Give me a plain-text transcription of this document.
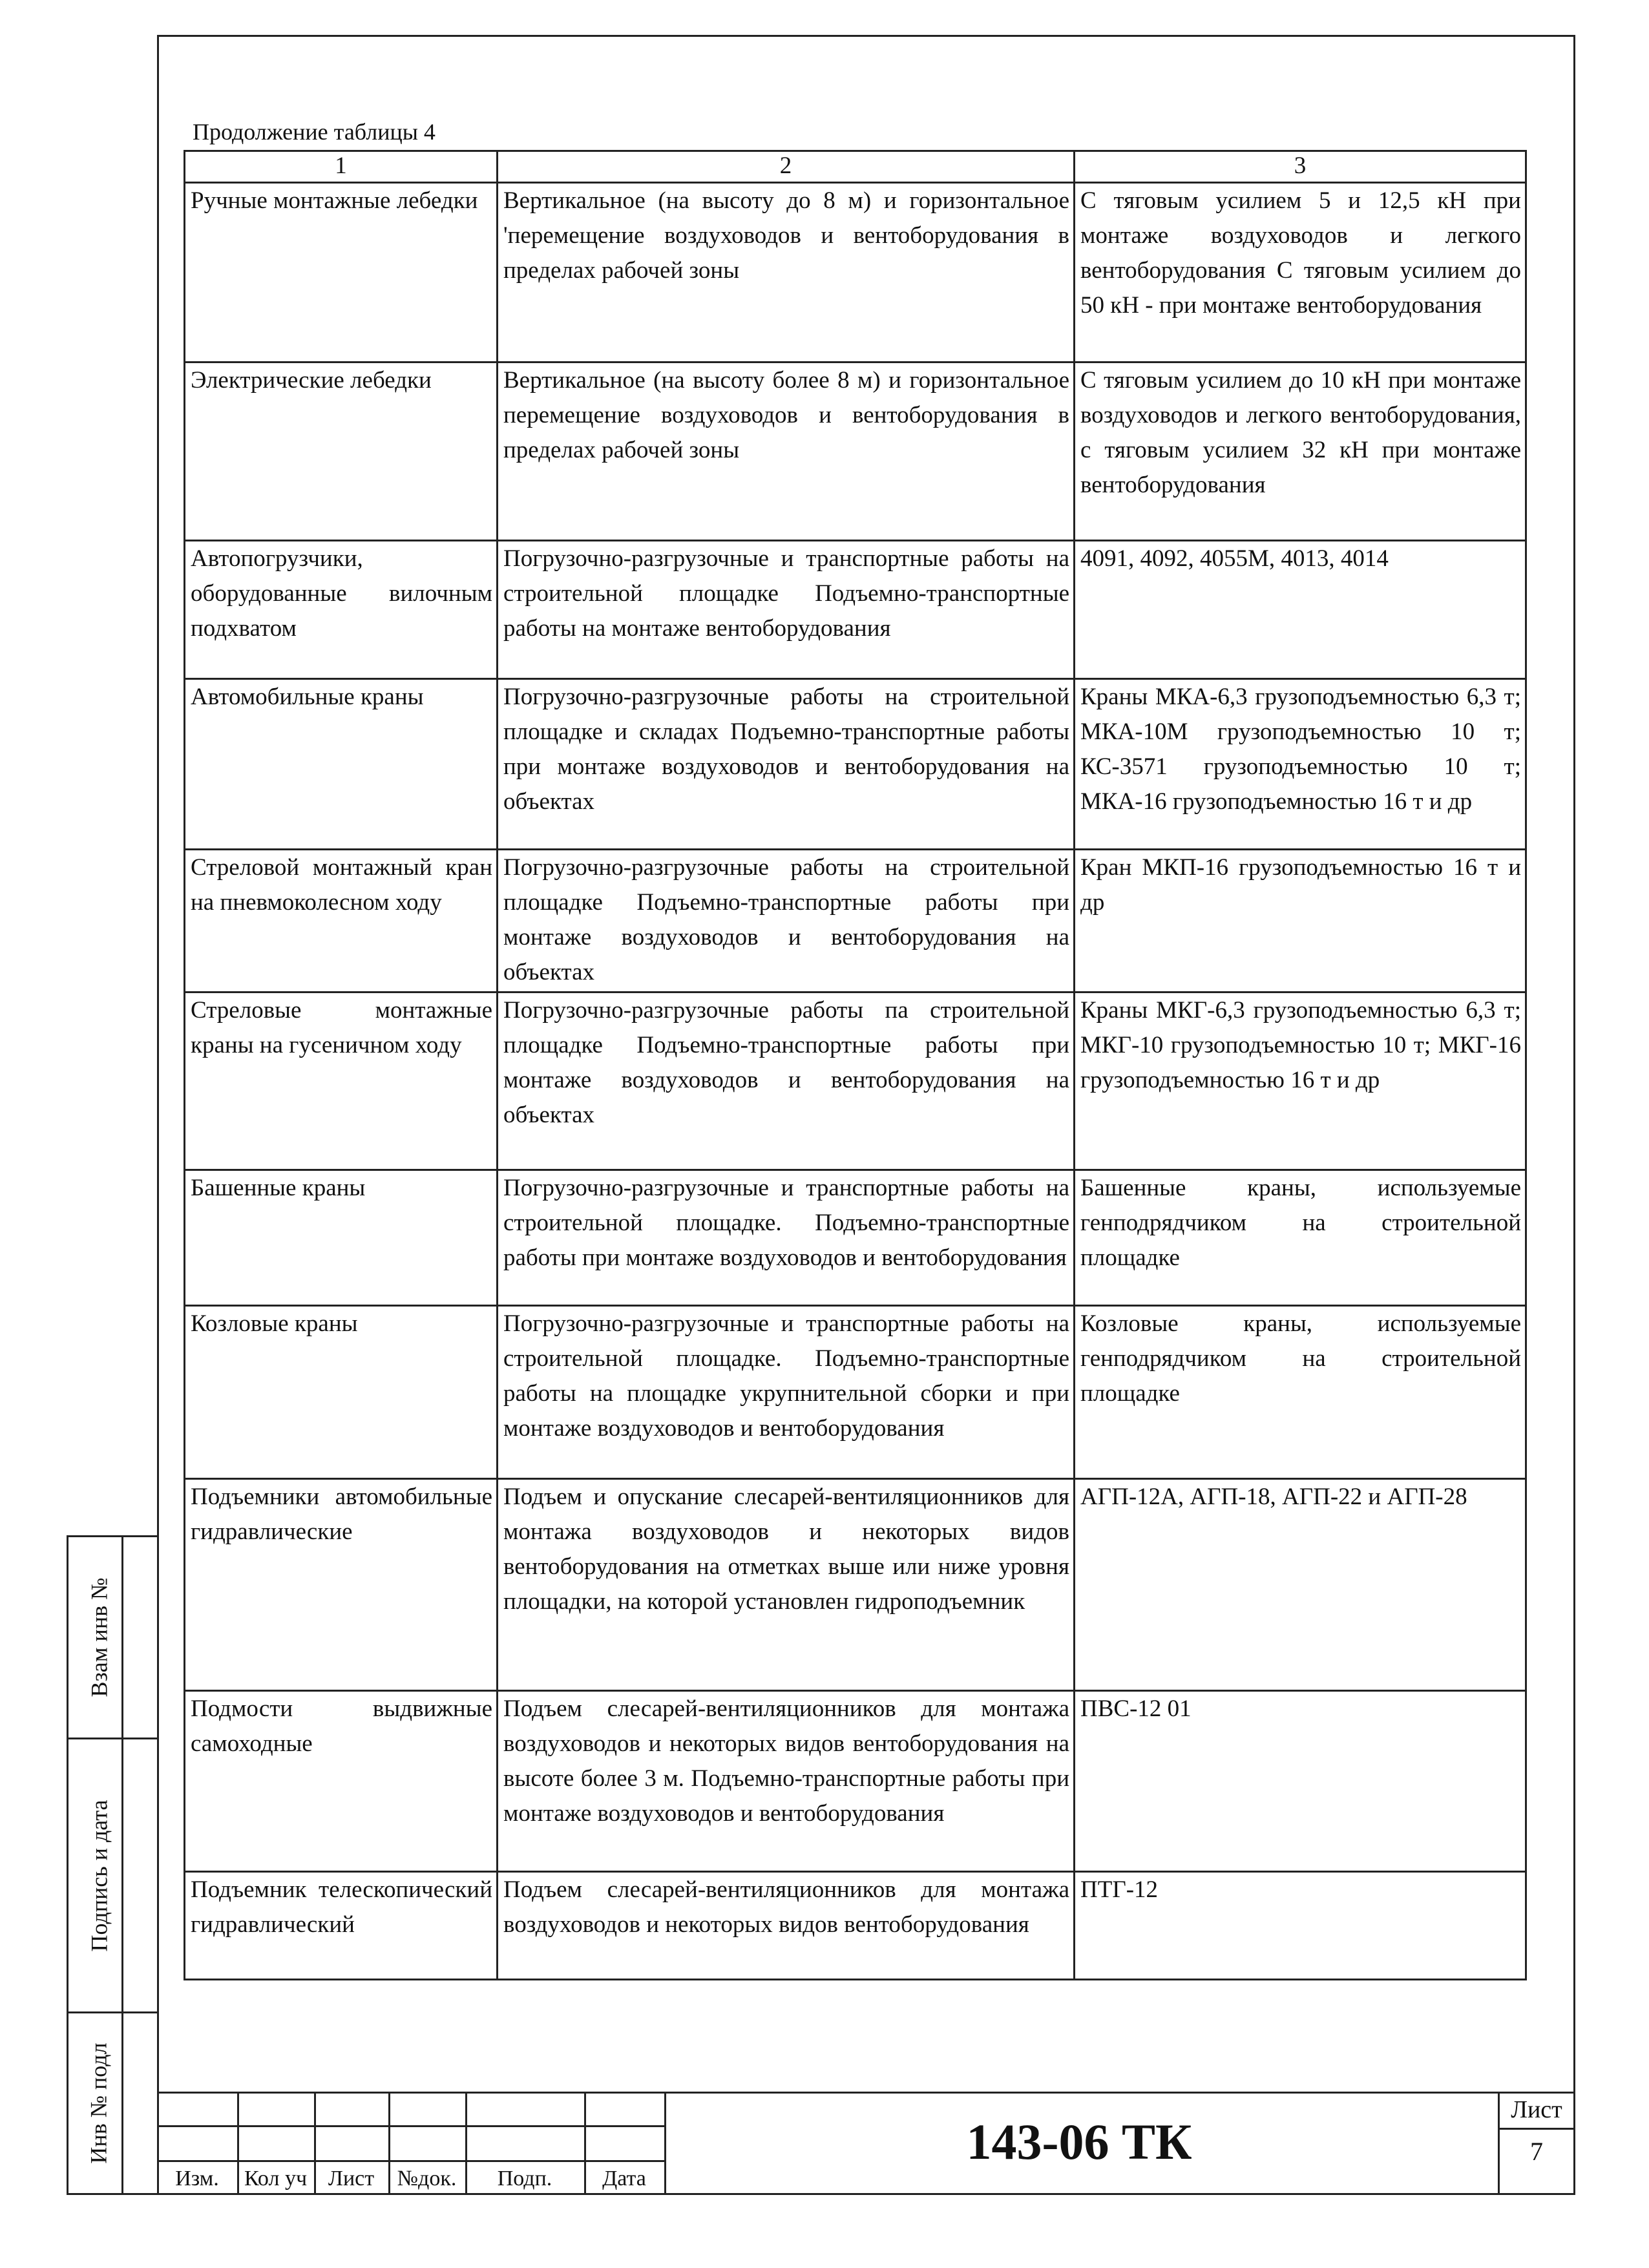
Продолжение таблицы 4
1	2	3
Ручные монтажные лебедки	Вертикальное (на высоту до 8 м) и горизонтальное 'перемещение воздуховодов и вентоборудования в пределах рабочей зоны	С тяговым усилием 5 и 12,5 кН при монтаже воздуховодов и легкого вентоборудования С тяговым усилием до 50 кН - при монтаже вентоборудования
Электрические лебедки	Вертикальное (на высоту более 8 м) и горизонтальное перемещение воздуховодов и вентоборудования в пределах рабочей зоны	С тяговым усилием до 10 кН при монтаже воздуховодов и легкого вентоборудования, с тяговым усилием 32 кН при монтаже вентоборудования
Автопогрузчики, оборудованные вилочным подхватом	Погрузочно-разгрузочные и транспортные работы на строительной площадке Подъемно-транспортные работы на монтаже вентоборудования	4091, 4092, 4055М, 4013, 4014
Автомобильные краны	Погрузочно-разгрузочные работы на строительной площадке и складах Подъемно-транспортные работы при монтаже воздуховодов и вентоборудования на объектах	Краны МКА-6,3 грузоподъемностью 6,3 т; МКА-10М грузоподъемностью 10 т; КС-3571 грузоподъемностью 10 т; МКА-16 грузоподъемностью 16 т и др
Стреловой монтажный кран на пневмоколесном ходу	Погрузочно-разгрузочные работы на строительной площадке Подъемно-транспортные работы при монтаже воздуховодов и вентоборудования на объектах	Кран МКП-16 грузоподъемностью 16 т и др
Стреловые монтажные краны на гусеничном ходу	Погрузочно-разгрузочные работы па строительной площадке Подъемно-транспортные работы при монтаже воздуховодов и вентоборудования на объектах	Краны МКГ-6,3 грузоподъемностью 6,3 т; МКГ-10 грузоподъемностью 10 т; МКГ-16 грузоподъемностью 16 т и др
Башенные краны	Погрузочно-разгрузочные и транспортные работы на строительной площадке. Подъемно-транспортные работы при монтаже воздуховодов и вентоборудования	Башенные краны, используемые генподрядчиком на строительной площадке
Козловые краны	Погрузочно-разгрузочные и транспортные работы на строительной площадке. Подъемно-транспортные работы на площадке укрупнительной сборки и при монтаже воздуховодов и вентоборудования	Козловые краны, используемые генподрядчиком на строительной площадке
Подъемники автомобильные гидравлические	Подъем и опускание слесарей-вентиляционников для монтажа воздуховодов и некоторых видов вентоборудования на отметках выше или ниже уровня площадки, на которой установлен гидроподъемник	АГП-12А, АГП-18, АГП-22 и АГП-28
Подмости выдвижные самоходные	Подъем слесарей-вентиляционников для монтажа воздуховодов и некоторых видов вентоборудования на высоте более 3 м. Подъемно-транспортные работы при монтаже воздуховодов и вентоборудования	ПВС-12 01
Подъемник телескопический гидравлический	Подъем слесарей-вентиляционников для монтажа воздуховодов и некоторых видов вентоборудования	ПТГ-12
Взам инв №
Подпись и дата
Инв № подл
Изм.	Кол уч Лист	№док.	Подп.	Дата
143-06 ТК
Лист
7
